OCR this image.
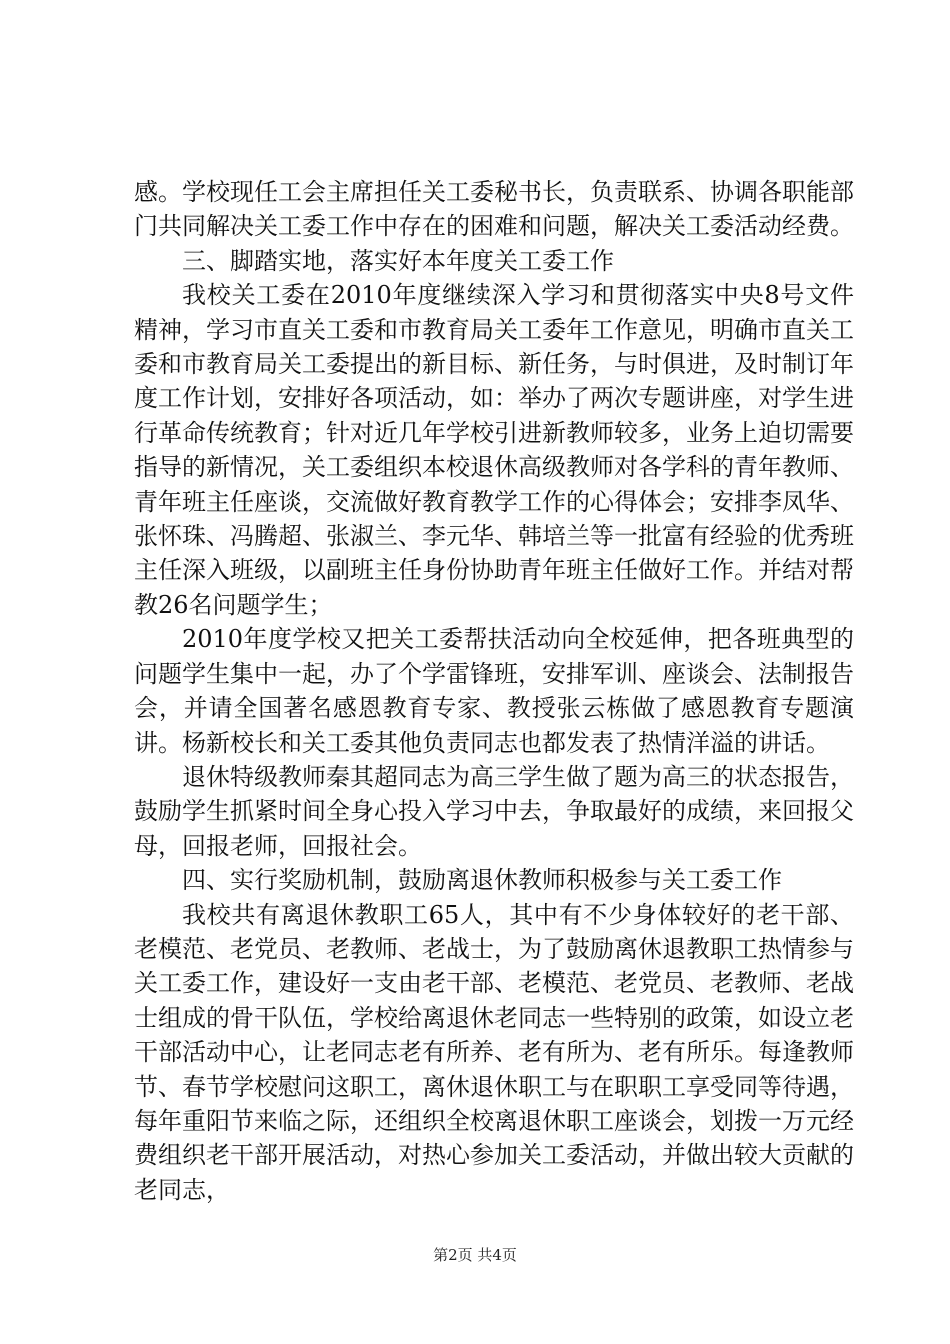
感。学校现任工会主席担任关工委秘书长，负责联系、协调各职能部门共同解决关工委工作中存在的困难和问题，解决关工委活动经费。

三、脚踏实地，落实好本年度关工委工作

我校关工委在2010年度继续深入学习和贯彻落实中央8号文件精神，学习市直关工委和市教育局关工委年工作意见，明确市直关工委和市教育局关工委提出的新目标、新任务，与时俱进，及时制订年度工作计划，安排好各项活动，如：举办了两次专题讲座，对学生进行革命传统教育；针对近几年学校引进新教师较多，业务上迫切需要指导的新情况，关工委组织本校退休高级教师对各学科的青年教师、青年班主任座谈，交流做好教育教学工作的心得体会；安排李凤华、张怀珠、冯腾超、张淑兰、李元华、韩培兰等一批富有经验的优秀班主任深入班级，以副班主任身份协助青年班主任做好工作。并结对帮教26名问题学生；

2010年度学校又把关工委帮扶活动向全校延伸，把各班典型的问题学生集中一起，办了个学雷锋班，安排军训、座谈会、法制报告会，并请全国著名感恩教育专家、教授张云栋做了感恩教育专题演讲。杨新校长和关工委其他负责同志也都发表了热情洋溢的讲话。

退休特级教师秦其超同志为高三学生做了题为高三的状态报告，鼓励学生抓紧时间全身心投入学习中去，争取最好的成绩，来回报父母，回报老师，回报社会。

四、实行奖励机制，鼓励离退休教师积极参与关工委工作

我校共有离退休教职工65人，其中有不少身体较好的老干部、老模范、老党员、老教师、老战士，为了鼓励离休退教职工热情参与关工委工作，建设好一支由老干部、老模范、老党员、老教师、老战士组成的骨干队伍，学校给离退休老同志一些特别的政策，如设立老干部活动中心，让老同志老有所养、老有所为、老有所乐。每逢教师节、春节学校慰问这职工，离休退休职工与在职职工享受同等待遇，每年重阳节来临之际，还组织全校离退休职工座谈会，划拨一万元经费组织老干部开展活动，对热心参加关工委活动，并做出较大贡献的老同志，

第2页 共4页
